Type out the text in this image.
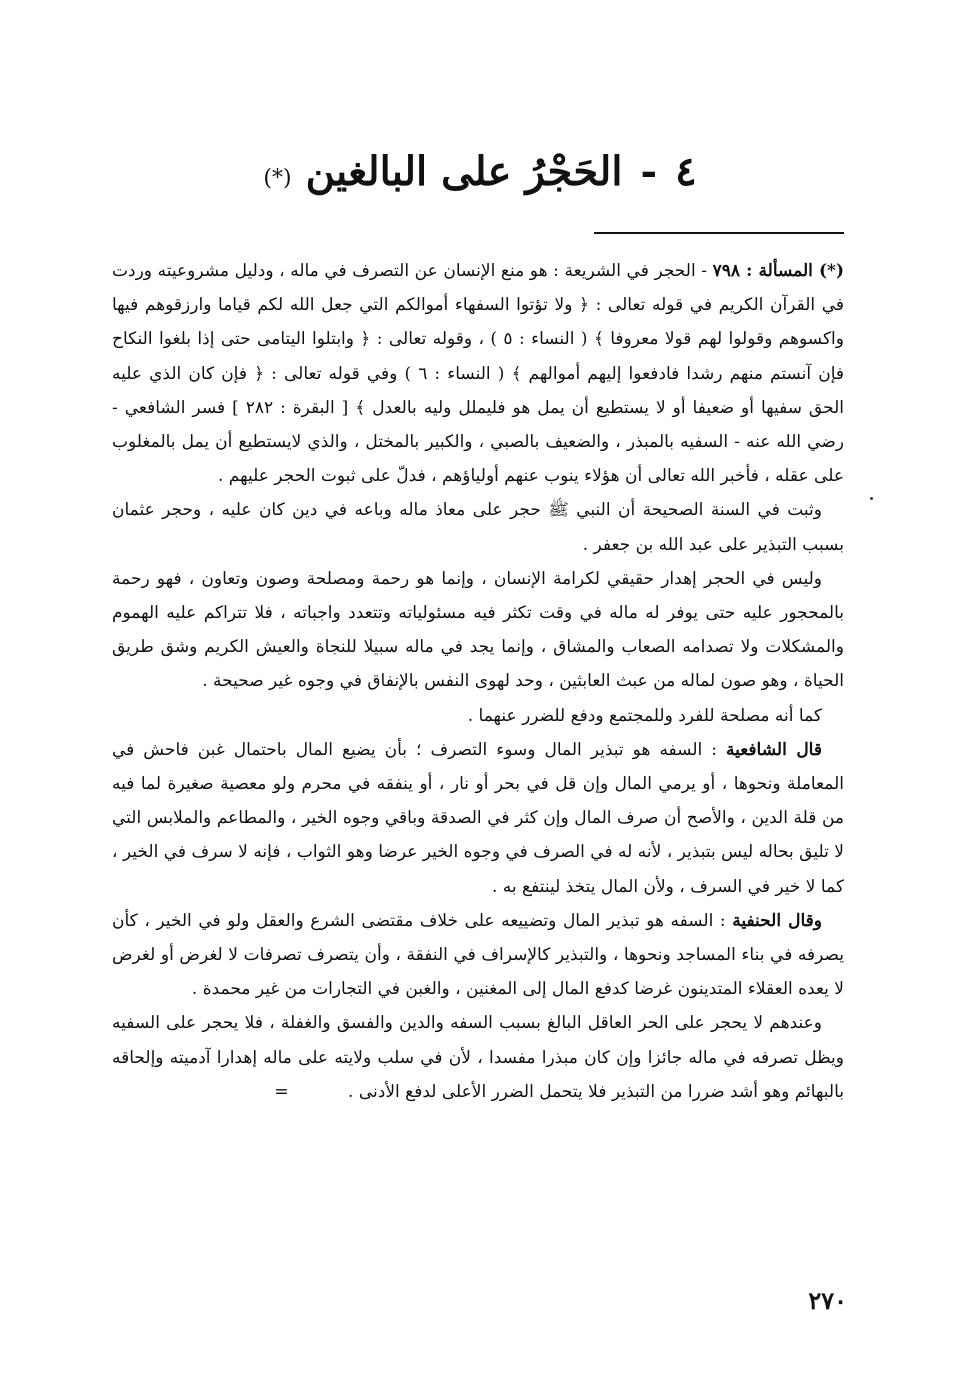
٤-الحَجْرُ على البالغين(*)

(*) المسألة : ٧٩٨ - الحجر في الشريعة : هو منع الإنسان عن التصرف في ماله ، ودليل مشروعيته وردت في القرآن الكريم في قوله تعالى : ﴿ ولا تؤتوا السفهاء أموالكم التي جعل الله لكم قياما وارزقوهم فيها واكسوهم وقولوا لهم قولا معروفا ﴾ ( النساء : ٥ ) ، وقوله تعالى : ﴿ وابتلوا اليتامى حتى إذا بلغوا النكاح فإن آنستم منهم رشدا فادفعوا إليهم أموالهم ﴾ ( النساء : ٦ ) وفي قوله تعالى : ﴿ فإن كان الذي عليه الحق سفيها أو ضعيفا أو لا يستطيع أن يمل هو فليملل وليه بالعدل ﴾ [ البقرة : ٢٨٢ ] فسر الشافعي - رضي الله عنه - السفيه بالمبذر ، والضعيف بالصبي ، والكبير بالمختل ، والذي لايستطيع أن يمل بالمغلوب على عقله ، فأخبر الله تعالى أن هؤلاء ينوب عنهم أولياؤهم ، فدلّ على ثبوت الحجر عليهم .

وثبت في السنة الصحيحة أن النبي ﷺ حجر على معاذ ماله وباعه في دين كان عليه ، وحجر عثمان بسبب التبذير على عبد الله بن جعفر .

وليس في الحجر إهدار حقيقي لكرامة الإنسان ، وإنما هو رحمة ومصلحة وصون وتعاون ، فهو رحمة بالمحجور عليه حتى يوفر له ماله في وقت تكثر فيه مسئولياته وتتعدد واجباته ، فلا تتراكم عليه الهموم والمشكلات ولا تصدامه الصعاب والمشاق ، وإنما يجد في ماله سبيلا للنجاة والعيش الكريم وشق طريق الحياة ، وهو صون لماله من عبث العابثين ، وحد لهوى النفس بالإنفاق في وجوه غير صحيحة .

كما أنه مصلحة للفرد وللمجتمع ودفع للضرر عنهما .

قال الشافعية : السفه هو تبذير المال وسوء التصرف ؛ بأن يضيع المال باحتمال غبن فاحش في المعاملة ونحوها ، أو يرمي المال وإن قل في بحر أو نار ، أو ينفقه في محرم ولو معصية صغيرة لما فيه من قلة الدين ، والأصح أن صرف المال وإن كثر في الصدقة وباقي وجوه الخير ، والمطاعم والملابس التي لا تليق بحاله ليس بتبذير ، لأنه له في الصرف في وجوه الخير عرضا وهو الثواب ، فإنه لا سرف في الخير ، كما لا خير في السرف ، ولأن المال يتخذ لينتفع به .

وقال الحنفية : السفه هو تبذير المال وتضييعه على خلاف مقتضى الشرع والعقل ولو في الخير ، كأن يصرفه في بناء المساجد ونحوها ، والتبذير كالإسراف في النفقة ، وأن يتصرف تصرفات لا لغرض أو لغرض لا يعده العقلاء المتدينون غرضا كدفع المال إلى المغنين ، والغبن في التجارات من غير محمدة .

وعندهم لا يحجر على الحر العاقل البالغ بسبب السفه والدين والفسق والغفلة ، فلا يحجر على السفيه ويظل تصرفه في ماله جائزا وإن كان مبذرا مفسدا ، لأن في سلب ولايته على ماله إهدارا آدميته وإلحاقه بالبهائم وهو أشد ضررا من التبذير فلا يتحمل الضرر الأعلى لدفع الأدنى .           =

٢٧٠
